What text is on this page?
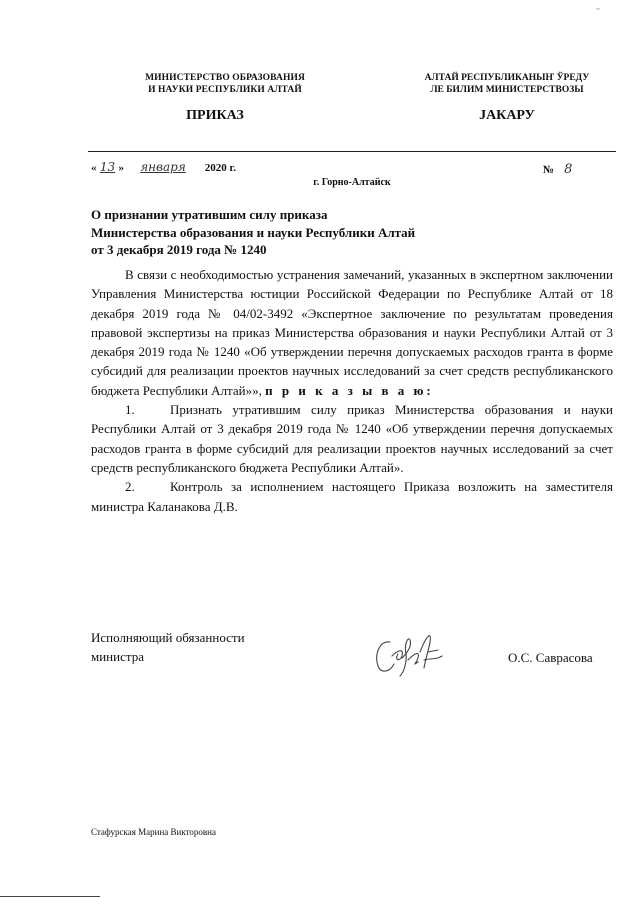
,,
МИНИСТЕРСТВО ОБРАЗОВАНИЯ
И НАУКИ РЕСПУБЛИКИ АЛТАЙ
АЛТАЙ РЕСПУБЛИКАНЫҤ ЎРЕДУ
ЛЕ БИЛИМ МИНИСТЕРСТВОЗЫ
ПРИКАЗ	ЈАКАРУ
« 13 » января 2020 г.	№ 8
г. Горно-Алтайск
О признании утратившим силу приказа
Министерства образования и науки Республики Алтай
от 3 декабря 2019 года № 1240

В связи с необходимостью устранения замечаний, указанных в экспертном заключении Управления Министерства юстиции Российской Федерации по Республике Алтай от 18 декабря 2019 года № 04/02-3492 «Экспертное заключение по результатам проведения правовой экспертизы на приказ Министерства образования и науки Республики Алтай от 3 декабря 2019 года № 1240 «Об утверждении перечня допускаемых расходов гранта в форме субсидий для реализации проектов научных исследований за счет средств республиканского бюджета Республики Алтай»», п р и к а з ы в а ю:

1.	Признать утратившим силу приказ Министерства образования и науки Республики Алтай от 3 декабря 2019 года № 1240 «Об утверждении перечня допускаемых расходов гранта в форме субсидий для реализации проектов научных исследований за счет средств республиканского бюджета Республики Алтай».

2.	Контроль за исполнением настоящего Приказа возложить на заместителя министра Каланакова Д.В.

Исполняющий обязанности
министра	О.С. Саврасова
Стафурская Марина Викторовна
